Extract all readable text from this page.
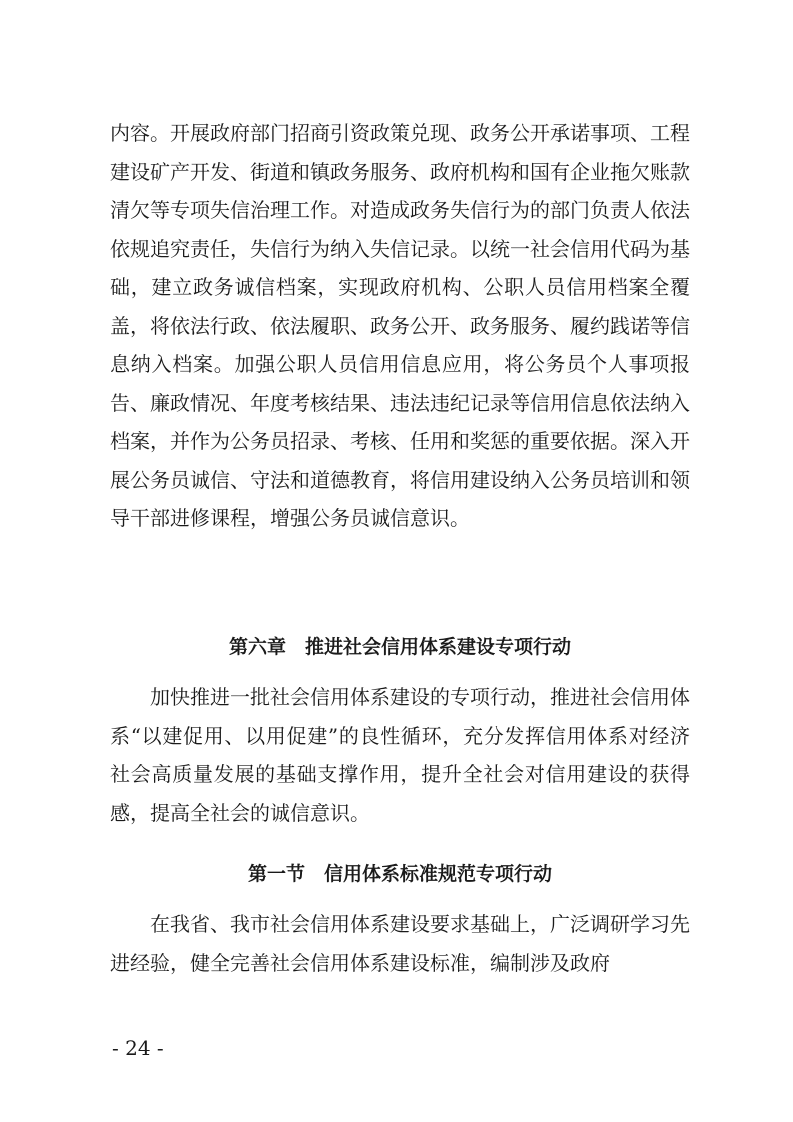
内容。开展政府部门招商引资政策兑现、政务公开承诺事项、工程建设矿产开发、街道和镇政务服务、政府机构和国有企业拖欠账款清欠等专项失信治理工作。对造成政务失信行为的部门负责人依法依规追究责任，失信行为纳入失信记录。以统一社会信用代码为基础，建立政务诚信档案，实现政府机构、公职人员信用档案全覆盖，将依法行政、依法履职、政务公开、政务服务、履约践诺等信息纳入档案。加强公职人员信用信息应用，将公务员个人事项报告、廉政情况、年度考核结果、违法违纪记录等信用信息依法纳入档案，并作为公务员招录、考核、任用和奖惩的重要依据。深入开展公务员诚信、守法和道德教育，将信用建设纳入公务员培训和领导干部进修课程，增强公务员诚信意识。

第六章　推进社会信用体系建设专项行动

加快推进一批社会信用体系建设的专项行动，推进社会信用体系“以建促用、以用促建”的良性循环，充分发挥信用体系对经济社会高质量发展的基础支撑作用，提升全社会对信用建设的获得感，提高全社会的诚信意识。

第一节　信用体系标准规范专项行动

在我省、我市社会信用体系建设要求基础上，广泛调研学习先进经验，健全完善社会信用体系建设标准，编制涉及政府

- 24 -
